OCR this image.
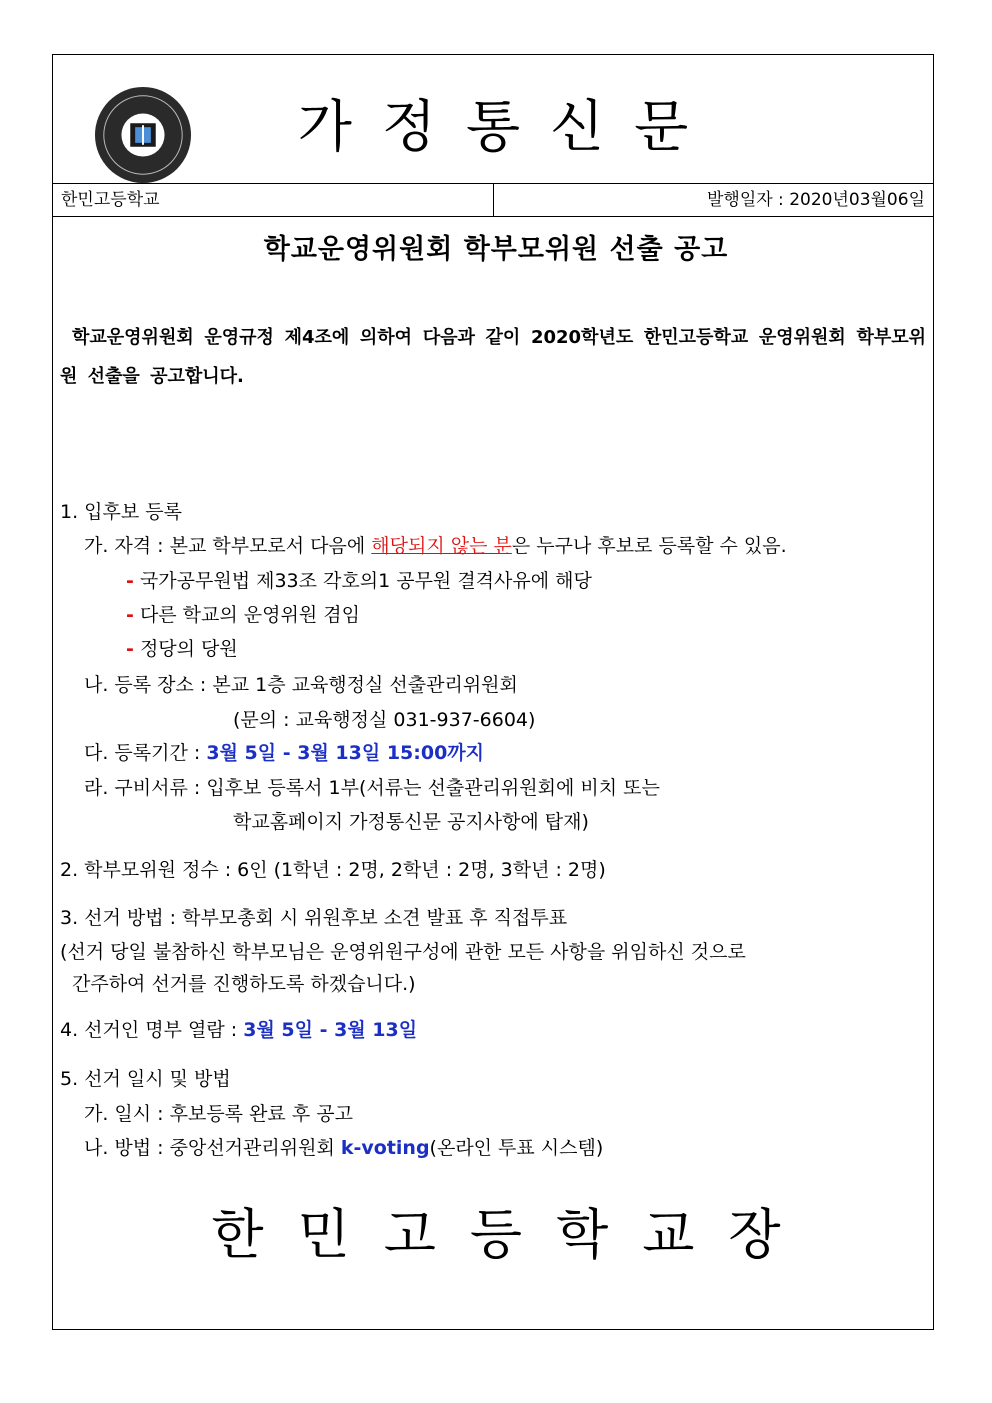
가정통신문
한민고등학교	발행일자 : 2020년03월06일
학교운영위원회 학부모위원 선출 공고
학교운영위원회 운영규정 제4조에 의하여 다음과 같이 2020학년도 한민고등학교 운영위원회 학부모위원 선출을 공고합니다.
1. 입후보 등록
가. 자격 : 본교 학부모로서 다음에 해당되지 않는 분은 누구나 후보로 등록할 수 있음.
- 국가공무원법 제33조 각호의1 공무원 결격사유에 해당
- 다른 학교의 운영위원 겸임
- 정당의 당원
나. 등록 장소 : 본교 1층 교육행정실 선출관리위원회
(문의 : 교육행정실 031-937-6604)
다. 등록기간 : 3월 5일 - 3월 13일 15:00까지
라. 구비서류 : 입후보 등록서 1부(서류는 선출관리위원회에 비치 또는
학교홈페이지 가정통신문 공지사항에 탑재)
2. 학부모위원 정수 : 6인 (1학년 : 2명, 2학년 : 2명, 3학년 : 2명)
3. 선거 방법 : 학부모총회 시 위원후보 소견 발표 후 직접투표
(선거 당일 불참하신 학부모님은 운영위원구성에 관한 모든 사항을 위임하신 것으로
간주하여 선거를 진행하도록 하겠습니다.)
4. 선거인 명부 열람 : 3월 5일 - 3월 13일
5. 선거 일시 및 방법
가. 일시 : 후보등록 완료 후 공고
나. 방법 : 중앙선거관리위원회 k-voting(온라인 투표 시스템)
한민고등학교장
